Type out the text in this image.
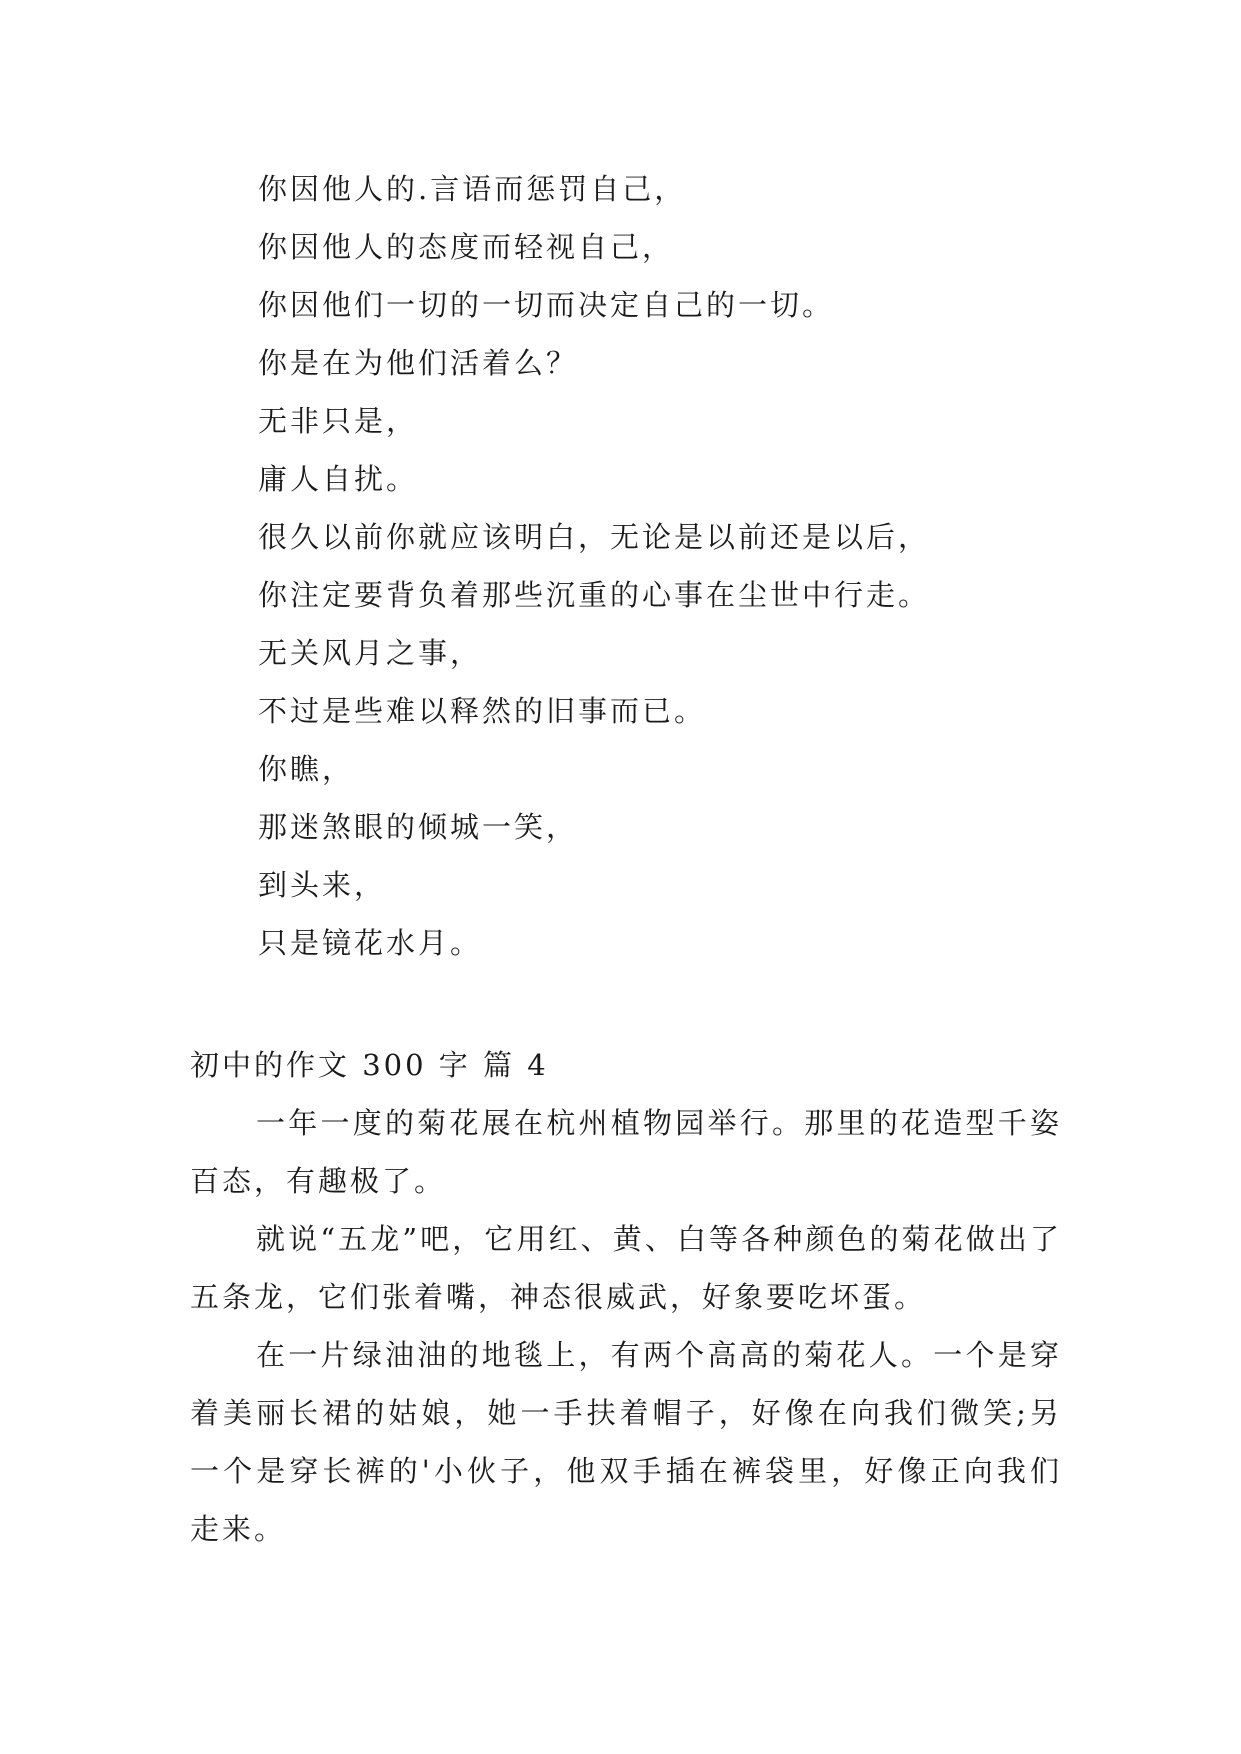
你因他人的.言语而惩罚自己，
你因他人的态度而轻视自己，
你因他们一切的一切而决定自己的一切。
你是在为他们活着么？
无非只是，
庸人自扰。
很久以前你就应该明白，无论是以前还是以后，
你注定要背负着那些沉重的心事在尘世中行走。
无关风月之事，
不过是些难以释然的旧事而已。
你瞧，
那迷煞眼的倾城一笑，
到头来，
只是镜花水月。
初中的作文 300 字 篇 4

一年一度的菊花展在杭州植物园举行。那里的花造型千姿百态，有趣极了。

就说“五龙”吧，它用红、黄、白等各种颜色的菊花做出了五条龙，它们张着嘴，神态很威武，好象要吃坏蛋。

在一片绿油油的地毯上，有两个高高的菊花人。一个是穿着美丽长裙的姑娘，她一手扶着帽子，好像在向我们微笑;另一个是穿长裤的'小伙子，他双手插在裤袋里，好像正向我们走来。
